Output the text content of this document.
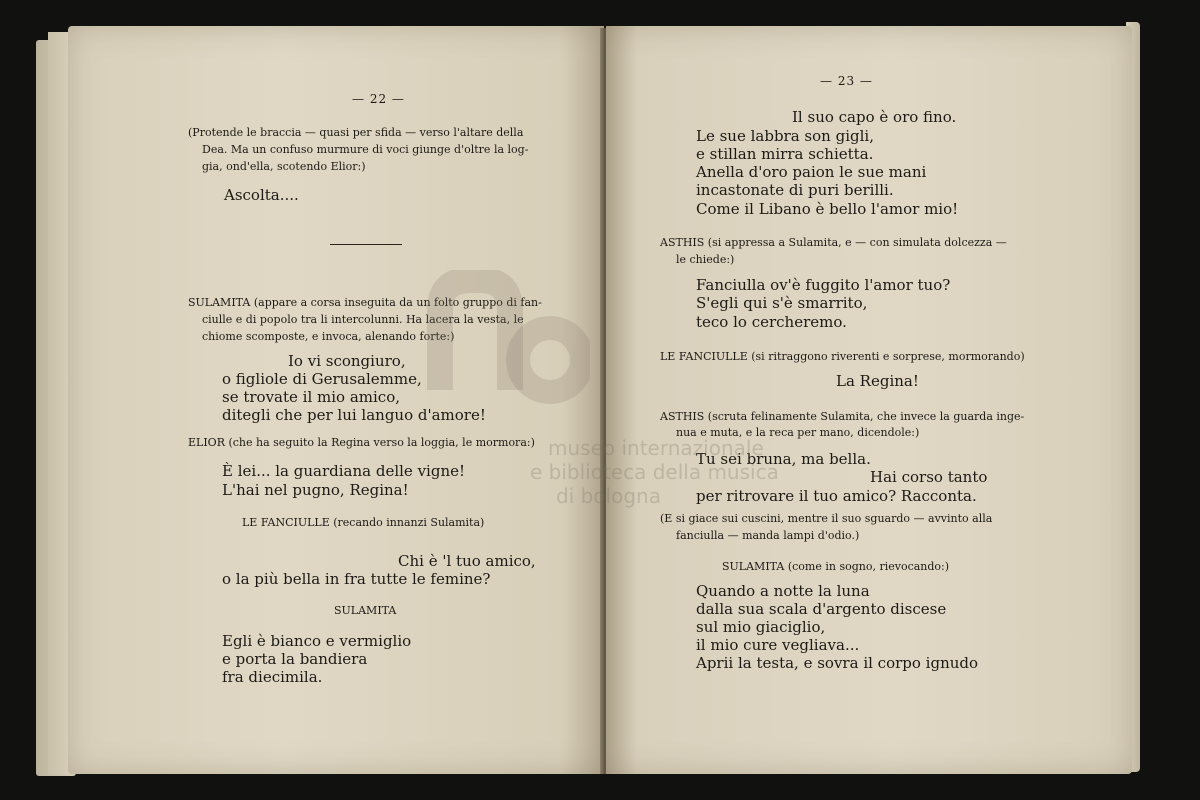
— 22 —
(Protende le braccia — quasi per sfida — verso l'altare della
Dea. Ma un confuso murmure di voci giunge d'oltre la log-
gia, ond'ella, scotendo Elior:)
Ascolta....
SULAMITA (appare a corsa inseguita da un folto gruppo di fan-
ciulle e di popolo tra li intercolunni. Ha lacera la vesta, le
chiome scomposte, e invoca, alenando forte:)
Io vi scongiuro,
o figliole di Gerusalemme,
se trovate il mio amico,
ditegli che per lui languo d'amore!
ELIOR (che ha seguito la Regina verso la loggia, le mormora:)
È lei... la guardiana delle vigne!
L'hai nel pugno, Regina!
LE FANCIULLE (recando innanzi Sulamita)
Chi è 'l tuo amico,
o la più bella in fra tutte le femine?
SULAMITA
Egli è bianco e vermiglio
e porta la bandiera
fra diecimila.
— 23 —
Il suo capo è oro fino.
Le sue labbra son gigli,
e stillan mirra schietta.
Anella d'oro paion le sue mani
incastonate di puri berilli.
Come il Libano è bello l'amor mio!
ASTHIS (si appressa a Sulamita, e — con simulata dolcezza —
le chiede:)
Fanciulla ov'è fuggito l'amor tuo?
S'egli qui s'è smarrito,
teco lo cercheremo.
LE FANCIULLE (si ritraggono riverenti e sorprese, mormorando)
La Regina!
ASTHIS (scruta felinamente Sulamita, che invece la guarda inge-
nua e muta, e la reca per mano, dicendole:)
Tu sei bruna, ma bella.
Hai corso tanto
per ritrovare il tuo amico? Racconta.
(E si giace sui cuscini, mentre il suo sguardo — avvinto alla
fanciulla — manda lampi d'odio.)
SULAMITA (come in sogno, rievocando:)
Quando a notte la luna
dalla sua scala d'argento discese
sul mio giaciglio,
il mio cure vegliava...
Aprii la testa, e sovra il corpo ignudo
museo internazionale
e biblioteca della musica
di bologna
